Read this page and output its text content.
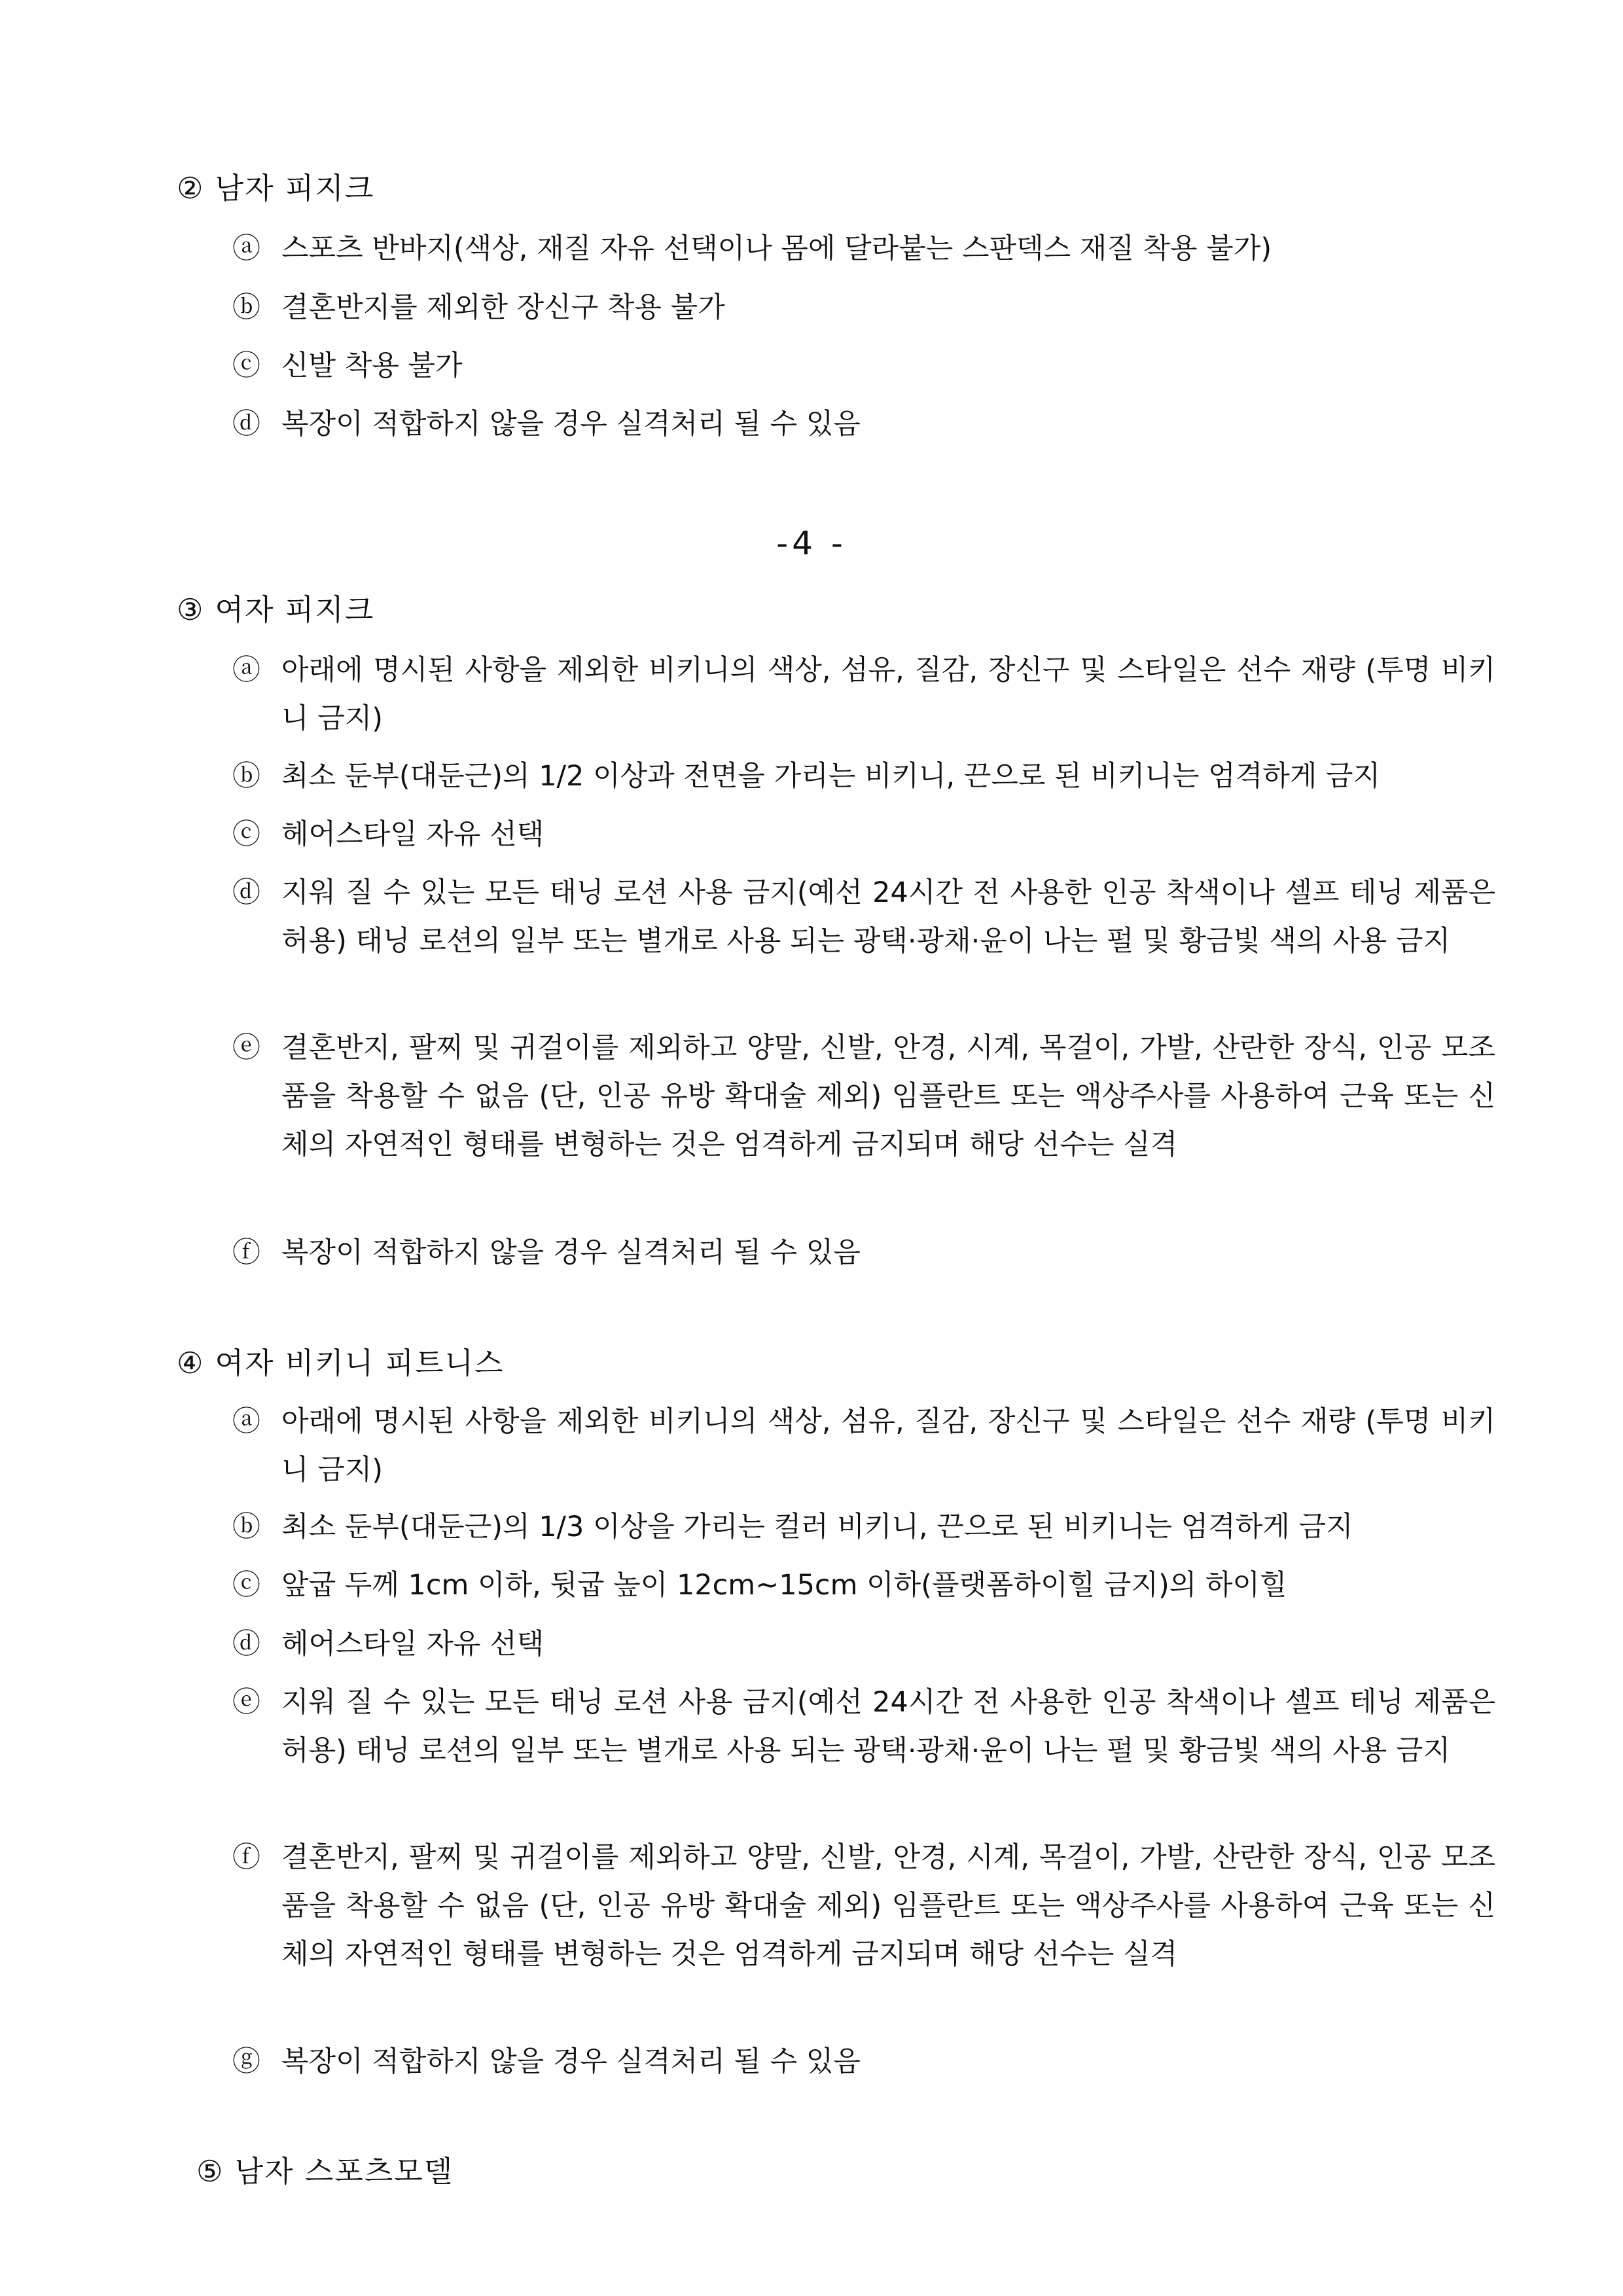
② 남자 피지크
ⓐ 스포츠 반바지(색상, 재질 자유 선택이나 몸에 달라붙는 스판덱스 재질 착용 불가)
ⓑ 결혼반지를 제외한 장신구 착용 불가
ⓒ 신발 착용 불가
ⓓ 복장이 적합하지 않을 경우 실격처리 될 수 있음
-4 -
③ 여자 피지크
ⓐ 아래에 명시된 사항을 제외한 비키니의 색상, 섬유, 질감, 장신구 및 스타일은 선수 재량 (투명 비키니 금지)
ⓑ 최소 둔부(대둔근)의 1/2 이상과 전면을 가리는 비키니, 끈으로 된 비키니는 엄격하게 금지
ⓒ 헤어스타일 자유 선택
ⓓ 지워 질 수 있는 모든 태닝 로션 사용 금지(예선 24시간 전 사용한 인공 착색이나 셀프 테닝 제품은 허용) 태닝 로션의 일부 또는 별개로 사용 되는 광택·광채·윤이 나는 펄 및 황금빛 색의 사용 금지
ⓔ 결혼반지, 팔찌 및 귀걸이를 제외하고 양말, 신발, 안경, 시계, 목걸이, 가발, 산란한 장식, 인공 모조품을 착용할 수 없음 (단, 인공 유방 확대술 제외) 임플란트 또는 액상주사를 사용하여 근육 또는 신체의 자연적인 형태를 변형하는 것은 엄격하게 금지되며 해당 선수는 실격
ⓕ 복장이 적합하지 않을 경우 실격처리 될 수 있음
④ 여자 비키니 피트니스
ⓐ 아래에 명시된 사항을 제외한 비키니의 색상, 섬유, 질감, 장신구 및 스타일은 선수 재량 (투명 비키니 금지)
ⓑ 최소 둔부(대둔근)의 1/3 이상을 가리는 컬러 비키니, 끈으로 된 비키니는 엄격하게 금지
ⓒ 앞굽 두께 1cm 이하, 뒷굽 높이 12cm~15cm 이하(플랫폼하이힐 금지)의 하이힐
ⓓ 헤어스타일 자유 선택
ⓔ 지워 질 수 있는 모든 태닝 로션 사용 금지(예선 24시간 전 사용한 인공 착색이나 셀프 테닝 제품은 허용) 태닝 로션의 일부 또는 별개로 사용 되는 광택·광채·윤이 나는 펄 및 황금빛 색의 사용 금지
ⓕ 결혼반지, 팔찌 및 귀걸이를 제외하고 양말, 신발, 안경, 시계, 목걸이, 가발, 산란한 장식, 인공 모조품을 착용할 수 없음 (단, 인공 유방 확대술 제외) 임플란트 또는 액상주사를 사용하여 근육 또는 신체의 자연적인 형태를 변형하는 것은 엄격하게 금지되며 해당 선수는 실격
ⓖ 복장이 적합하지 않을 경우 실격처리 될 수 있음
⑤ 남자 스포츠모델
